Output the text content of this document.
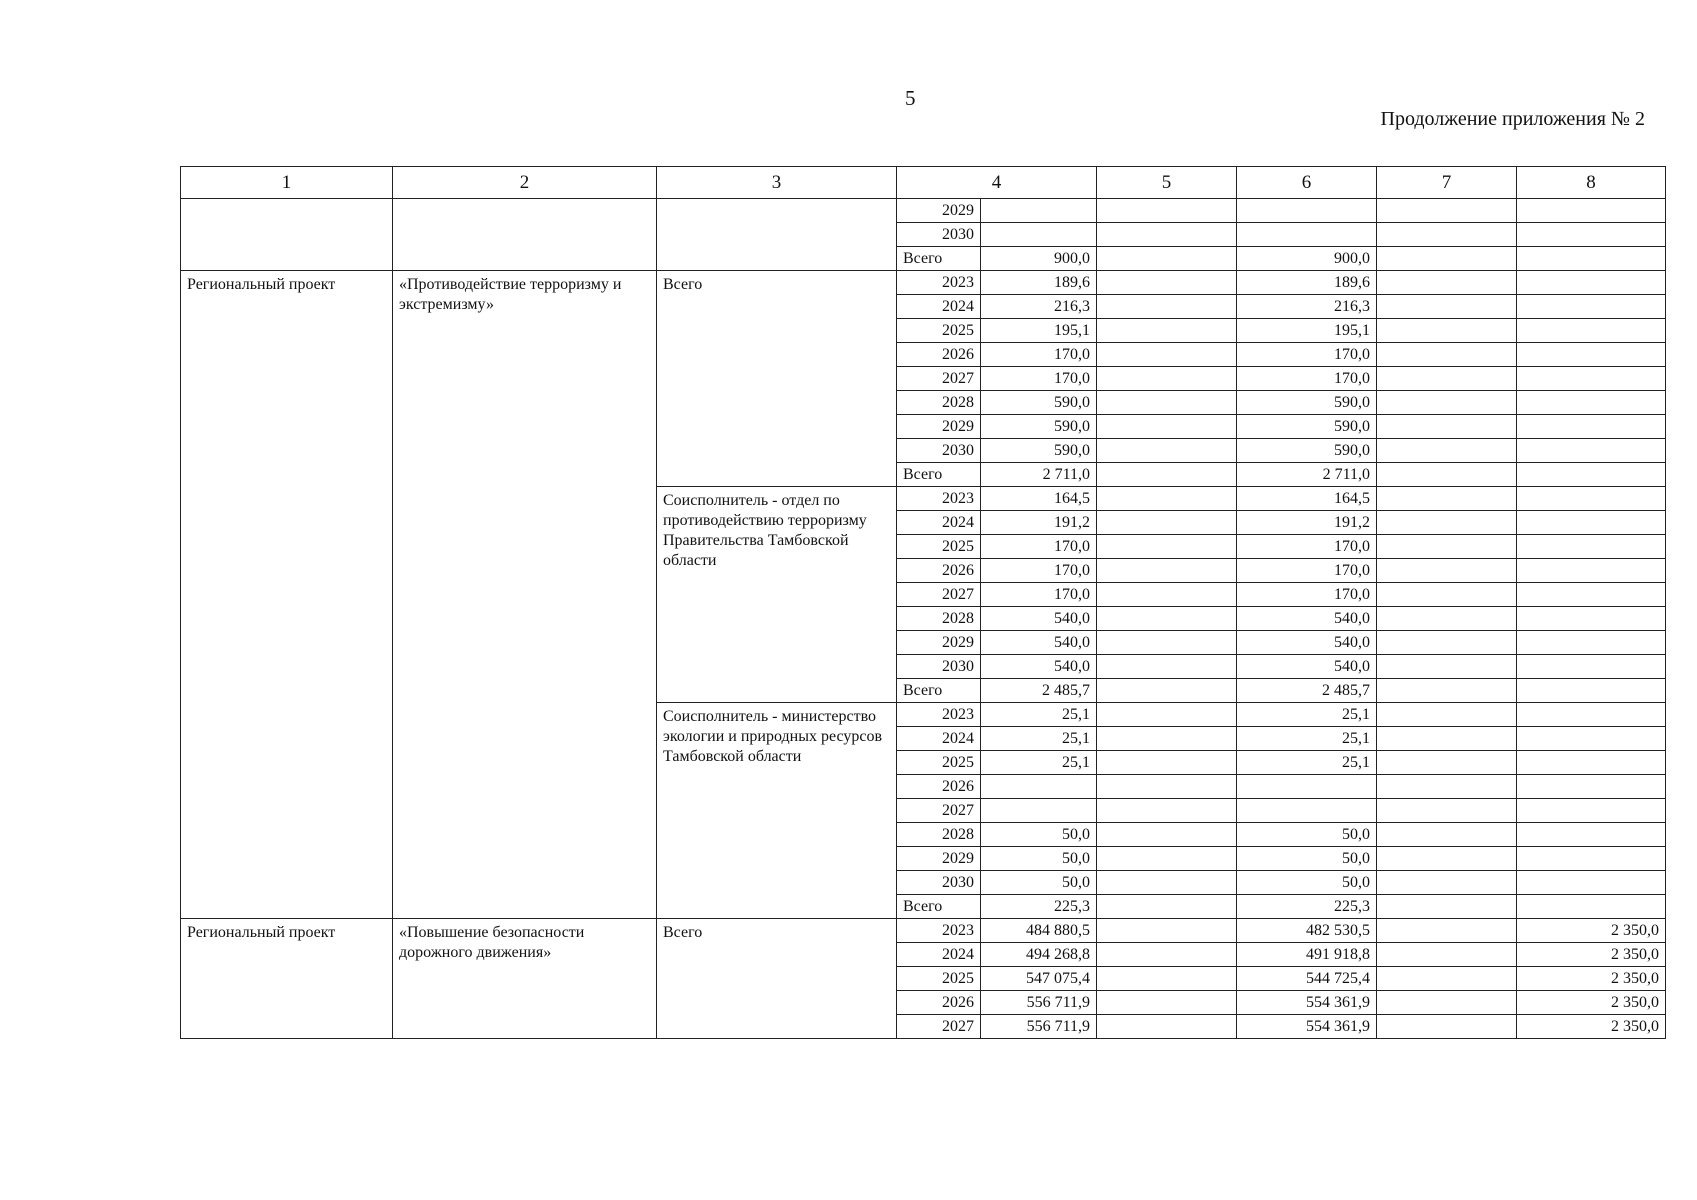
5
Продолжение приложения № 2
1	2	3	4		5	6	7	8
			2029					
			2030					
			Всего	900,0		900,0		
Региональный проект	«Противодействие терроризму и экстремизму»	Всего	2023	189,6		189,6		
			2024	216,3		216,3		
			2025	195,1		195,1		
			2026	170,0		170,0		
			2027	170,0		170,0		
			2028	590,0		590,0		
			2029	590,0		590,0		
			2030	590,0		590,0		
			Всего	2 711,0		2 711,0		
		Соисполнитель - отдел по противодействию терроризму Правительства Тамбовской области	2023	164,5		164,5		
			2024	191,2		191,2		
			2025	170,0		170,0		
			2026	170,0		170,0		
			2027	170,0		170,0		
			2028	540,0		540,0		
			2029	540,0		540,0		
			2030	540,0		540,0		
			Всего	2 485,7		2 485,7		
		Соисполнитель - министерство экологии и природных ресурсов Тамбовской области	2023	25,1		25,1		
			2024	25,1		25,1		
			2025	25,1		25,1		
			2026					
			2027					
			2028	50,0		50,0		
			2029	50,0		50,0		
			2030	50,0		50,0		
			Всего	225,3		225,3		
Региональный проект	«Повышение безопасности дорожного движения»	Всего	2023	484 880,5		482 530,5		2 350,0
			2024	494 268,8		491 918,8		2 350,0
			2025	547 075,4		544 725,4		2 350,0
			2026	556 711,9		554 361,9		2 350,0
			2027	556 711,9		554 361,9		2 350,0
